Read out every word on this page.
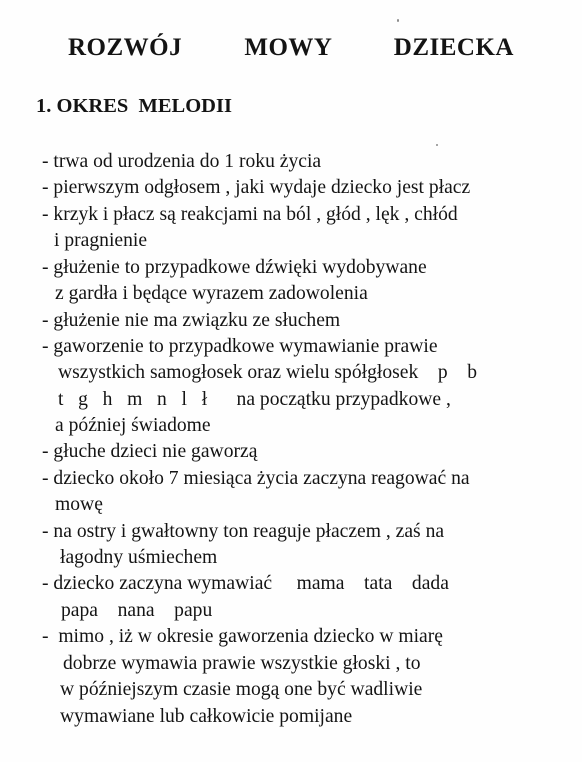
ROZWÓJ   MOWY   DZIECKA
1. OKRES  MELODII
- trwa od urodzenia do 1 roku życia
- pierwszym odgłosem , jaki wydaje dziecko jest płacz
- krzyk i płacz są reakcjami na ból , głód , lęk , chłód
i pragnienie
- głużenie to przypadkowe dźwięki wydobywane
z gardła i będące wyrazem zadowolenia
- głużenie nie ma związku ze słuchem
- gaworzenie to przypadkowe wymawianie prawie
wszystkich samogłosek oraz wielu spółgłosek    p    b
t   g   h   m   n   l   ł      na początku przypadkowe ,
a później świadome
- głuche dzieci nie gaworzą
- dziecko około 7 miesiąca życia zaczyna reagować na
mowę
- na ostry i gwałtowny ton reaguje płaczem , zaś na
łagodny uśmiechem
- dziecko zaczyna wymawiać     mama    tata    dada
papa    nana    papu
-  mimo , iż w okresie gaworzenia dziecko w miarę
dobrze wymawia prawie wszystkie głoski , to
w późniejszym czasie mogą one być wadliwie
wymawiane lub całkowicie pomijane
